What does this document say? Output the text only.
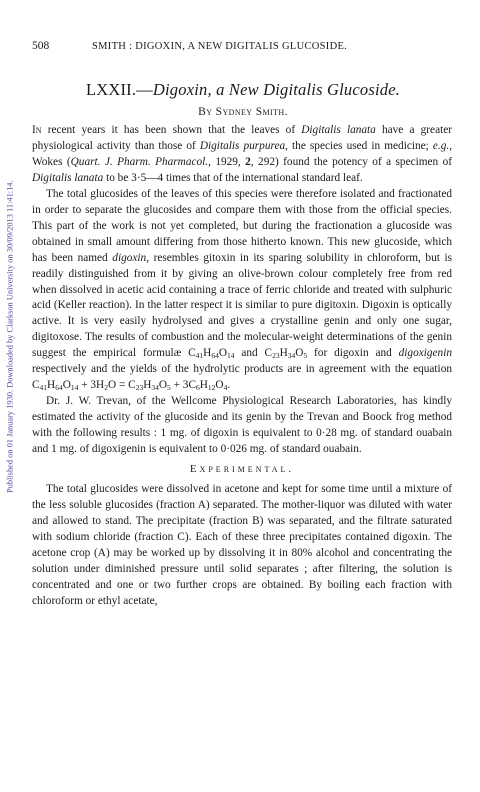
Published on 01 January 1930. Downloaded by Clarkson University on 30/09/2013 11:41:14.
508	SMITH : DIGOXIN, A NEW DIGITALIS GLUCOSIDE.
LXXII.—Digoxin, a New Digitalis Glucoside.
By Sydney Smith.

In recent years it has been shown that the leaves of Digitalis lanata have a greater physiological activity than those of Digitalis purpurea, the species used in medicine; e.g., Wokes (Quart. J. Pharm. Pharmacol., 1929, 2, 292) found the potency of a specimen of Digitalis lanata to be 3·5—4 times that of the international standard leaf.

The total glucosides of the leaves of this species were therefore isolated and fractionated in order to separate the glucosides and compare them with those from the official species. This part of the work is not yet completed, but during the fractionation a glucoside was obtained in small amount differing from those hitherto known. This new glucoside, which has been named digoxin, resembles gitoxin in its sparing solubility in chloroform, but is readily distinguished from it by giving an olive-brown colour completely free from red when dissolved in acetic acid containing a trace of ferric chloride and treated with sulphuric acid (Keller reaction). In the latter respect it is similar to pure digitoxin. Digoxin is optically active. It is very easily hydrolysed and gives a crystalline genin and only one sugar, digitoxose. The results of combustion and the molecular-weight determinations of the genin suggest the empirical formulæ $C_{41}H_{64}O_{14}$ and $C_{23}H_{34}O_5$ for digoxin and digoxigenin respectively and the yields of the hydrolytic products are in agreement with the equation $C_{41}H_{64}O_{14} + 3H_2O = C_{23}H_{34}O_5 + 3C_6H_{12}O_4$.

Dr. J. W. Trevan, of the Wellcome Physiological Research Laboratories, has kindly estimated the activity of the glucoside and its genin by the Trevan and Boock frog method with the following results : 1 mg. of digoxin is equivalent to 0·28 mg. of standard ouabain and 1 mg. of digoxigenin is equivalent to 0·026 mg. of standard ouabain.

Experimental.

The total glucosides were dissolved in acetone and kept for some time until a mixture of the less soluble glucosides (fraction A) separated. The mother-liquor was diluted with water and allowed to stand. The precipitate (fraction B) was separated, and the filtrate saturated with sodium chloride (fraction C). Each of these three precipitates contained digoxin. The acetone crop (A) may be worked up by dissolving it in 80% alcohol and concentrating the solution under diminished pressure until solid separates ; after filtering, the solution is concentrated and one or two further crops are obtained. By boiling each fraction with chloroform or ethyl acetate,
